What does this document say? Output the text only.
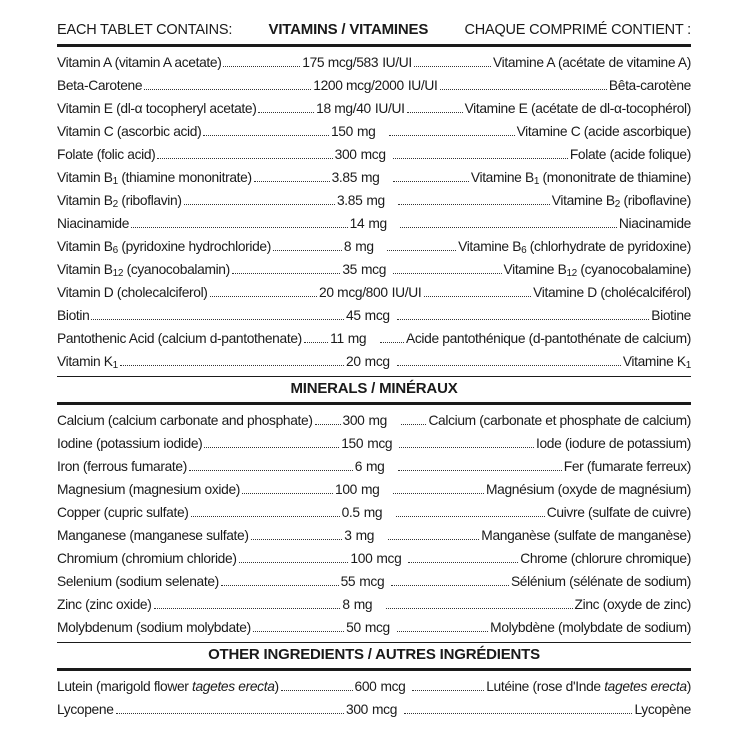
EACH TABLET CONTAINS: VITAMINS / VITAMINES	CHAQUE COMPRIMÉ CONTIENT :
Vitamin A (vitamin A acetate)	175 mcg/583 IU/UI	Vitamine A (acétate de vitamine A)
Beta-Carotene	1200 mcg/2000 IU/UI	Bêta-carotène
Vitamin E (dl-α tocopheryl acetate)	18 mg/40 IU/UI	Vitamine E (acétate de dl-α-tocophérol)
Vitamin C (ascorbic acid)	150 mg	Vitamine C (acide ascorbique)
Folate (folic acid)	300 mcg	Folate (acide folique)
Vitamin $B_1$ (thiamine mononitrate)	3.85 mg	Vitamine $B_1$ (mononitrate de thiamine)
Vitamin $B_2$ (riboflavin)	3.85 mg	Vitamine $B_2$ (riboflavine)
Niacinamide	14 mg	Niacinamide
Vitamin $B_6$ (pyridoxine hydrochloride)	8 mg	Vitamine $B_6$ (chlorhydrate de pyridoxine)
Vitamin $B_{12}$ (cyanocobalamin)	35 mcg	Vitamine $B_{12}$ (cyanocobalamine)
Vitamin D (cholecalciferol)	20 mcg/800 IU/UI	Vitamine D (cholécalciférol)
Biotin	45 mcg	Biotine
Pantothenic Acid (calcium d-pantothenate) 11 mg	Acide pantothénique (d-pantothénate de calcium)
Vitamin $K_1$	20 mcg	Vitamine $K_1$
MINERALS / MINÉRAUX
Calcium (calcium carbonate and phosphate) 300 mg	Calcium (carbonate et phosphate de calcium)
Iodine (potassium iodide)	150 mcg	Iode (iodure de potassium)
Iron (ferrous fumarate)	6 mg	Fer (fumarate ferreux)
Magnesium (magnesium oxide)	100 mg	Magnésium (oxyde de magnésium)
Copper (cupric sulfate)	0.5 mg	Cuivre (sulfate de cuivre)
Manganese (manganese sulfate)	3 mg	Manganèse (sulfate de manganèse)
Chromium (chromium chloride)	100 mcg	Chrome (chlorure chromique)
Selenium (sodium selenate)	55 mcg	Sélénium (sélénate de sodium)
Zinc (zinc oxide)	8 mg	Zinc (oxyde de zinc)
Molybdenum (sodium molybdate)	50 mcg	Molybdène (molybdate de sodium)
OTHER INGREDIENTS / AUTRES INGRÉDIENTS
Lutein (marigold flower tagetes erecta)	600 mcg	Lutéine (rose d'Inde tagetes erecta)
Lycopene	300 mcg	Lycopène
